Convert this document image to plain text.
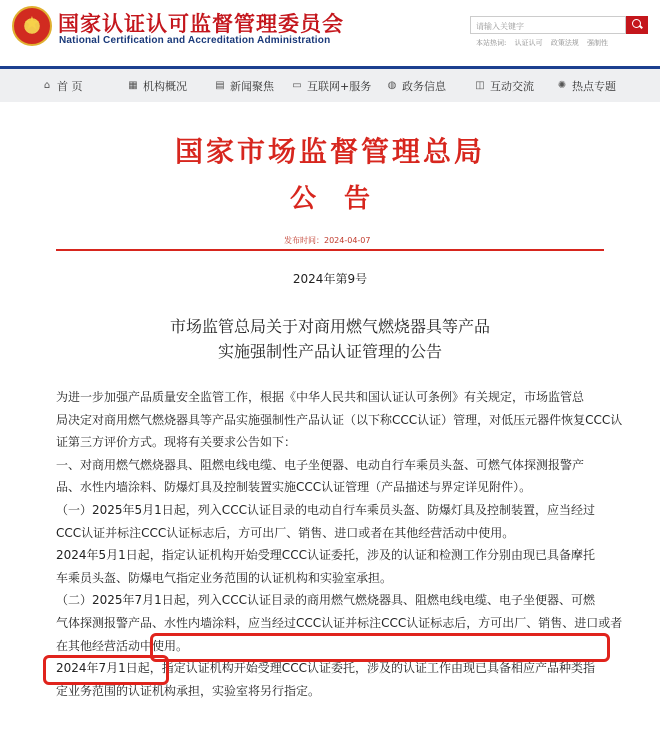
★
国家认证认可监督管理委员会
National Certification and Accreditation Administration
请输入关键字
本站热词: 认证认可 政策法规 强制性
⌂ 首 页	▦ 机构概况	▤ 新闻聚焦 ▭ 互联网+服务 ◍ 政务信息	◫ 互动交流 ✺ 热点专题
国家市场监督管理总局
公告
发布时间：2024-04-07
2024年第9号
市场监管总局关于对商用燃气燃烧器具等产品
实施强制性产品认证管理的公告
为进一步加强产品质量安全监管工作，根据《中华人民共和国认证认可条例》有关规定，市场监管总
局决定对商用燃气燃烧器具等产品实施强制性产品认证（以下称CCC认证）管理，对低压元器件恢复CCC认
证第三方评价方式。现将有关要求公告如下：
一、对商用燃气燃烧器具、阻燃电线电缆、电子坐便器、电动自行车乘员头盔、可燃气体探测报警产
品、水性内墙涂料、防爆灯具及控制装置实施CCC认证管理（产品描述与界定详见附件）。
（一）2025年5月1日起，列入CCC认证目录的电动自行车乘员头盔、防爆灯具及控制装置，应当经过
CCC认证并标注CCC认证标志后，方可出厂、销售、进口或者在其他经营活动中使用。
2024年5月1日起，指定认证机构开始受理CCC认证委托，涉及的认证和检测工作分别由现已具备摩托
车乘员头盔、防爆电气指定业务范围的认证机构和实验室承担。
（二）2025年7月1日起，列入CCC认证目录的商用燃气燃烧器具、阻燃电线电缆、电子坐便器、可燃
气体探测报警产品、水性内墙涂料，应当经过CCC认证并标注CCC认证标志后，方可出厂、销售、进口或者
在其他经营活动中使用。
2024年7月1日起，指定认证机构开始受理CCC认证委托，涉及的认证工作由现已具备相应产品种类指
定业务范围的认证机构承担，实验室将另行指定。
